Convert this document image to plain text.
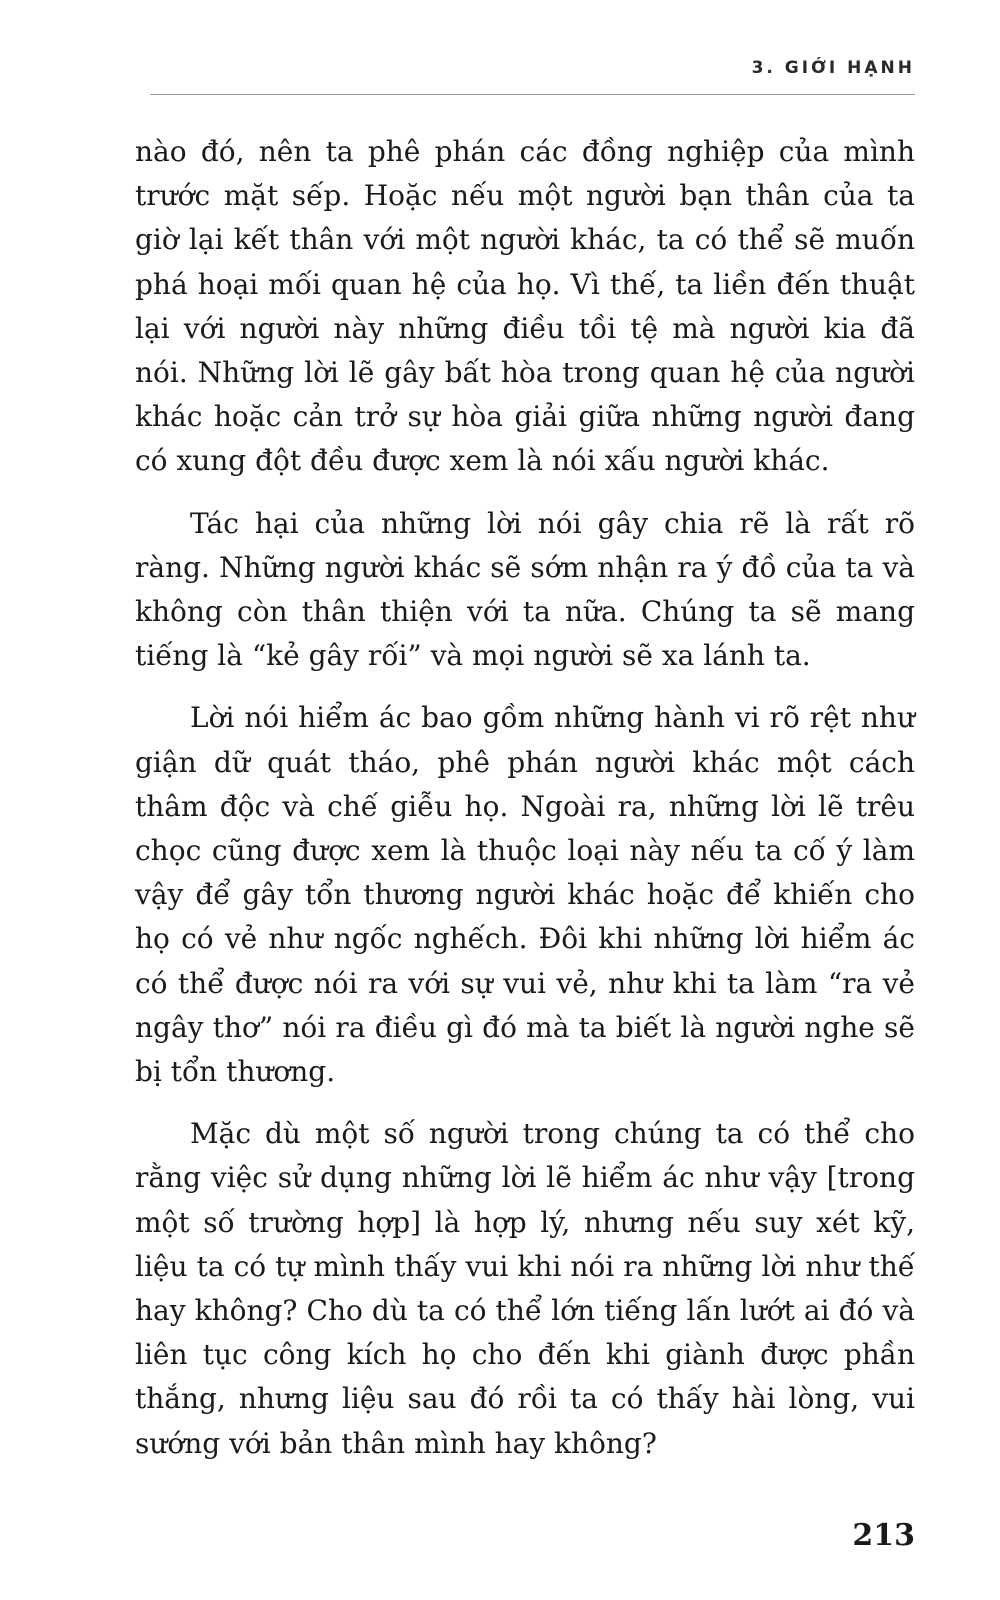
3. GIỚI HẠNH

nào đó, nên ta phê phán các đồng nghiệp của mình trước mặt sếp. Hoặc nếu một người bạn thân của ta giờ lại kết thân với một người khác, ta có thể sẽ muốn phá hoại mối quan hệ của họ. Vì thế, ta liền đến thuật lại với người này những điều tồi tệ mà người kia đã nói. Những lời lẽ gây bất hòa trong quan hệ của người khác hoặc cản trở sự hòa giải giữa những người đang có xung đột đều được xem là nói xấu người khác.

Tác hại của những lời nói gây chia rẽ là rất rõ ràng. Những người khác sẽ sớm nhận ra ý đồ của ta và không còn thân thiện với ta nữa. Chúng ta sẽ mang tiếng là “kẻ gây rối” và mọi người sẽ xa lánh ta.

Lời nói hiểm ác bao gồm những hành vi rõ rệt như giận dữ quát tháo, phê phán người khác một cách thâm độc và chế giễu họ. Ngoài ra, những lời lẽ trêu chọc cũng được xem là thuộc loại này nếu ta cố ý làm vậy để gây tổn thương người khác hoặc để khiến cho họ có vẻ như ngốc nghếch. Đôi khi những lời hiểm ác có thể được nói ra với sự vui vẻ, như khi ta làm “ra vẻ ngây thơ” nói ra điều gì đó mà ta biết là người nghe sẽ bị tổn thương.

Mặc dù một số người trong chúng ta có thể cho rằng việc sử dụng những lời lẽ hiểm ác như vậy [trong một số trường hợp] là hợp lý, nhưng nếu suy xét kỹ, liệu ta có tự mình thấy vui khi nói ra những lời như thế hay không? Cho dù ta có thể lớn tiếng lấn lướt ai đó và liên tục công kích họ cho đến khi giành được phần thắng, nhưng liệu sau đó rồi ta có thấy hài lòng, vui sướng với bản thân mình hay không?

213
